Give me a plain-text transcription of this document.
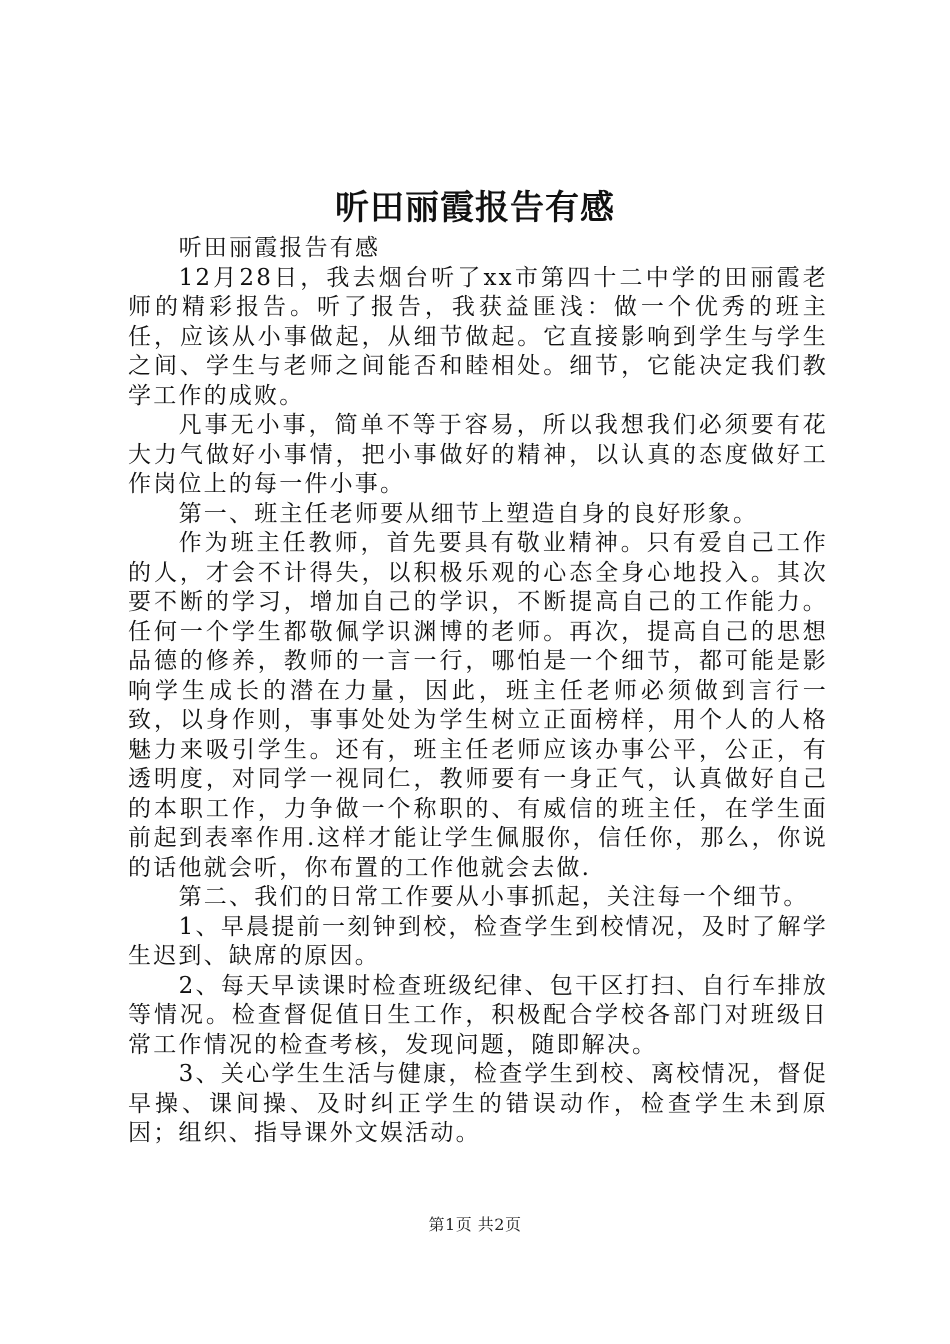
听田丽霞报告有感

听田丽霞报告有感

12月28日，我去烟台听了xx市第四十二中学的田丽霞老师的精彩报告。听了报告，我获益匪浅：做一个优秀的班主任，应该从小事做起，从细节做起。它直接影响到学生与学生之间、学生与老师之间能否和睦相处。细节，它能决定我们教学工作的成败。

凡事无小事，简单不等于容易，所以我想我们必须要有花大力气做好小事情，把小事做好的精神，以认真的态度做好工作岗位上的每一件小事。

第一、班主任老师要从细节上塑造自身的良好形象。

作为班主任教师，首先要具有敬业精神。只有爱自己工作的人，才会不计得失，以积极乐观的心态全身心地投入。其次要不断的学习，增加自己的学识，不断提高自己的工作能力。任何一个学生都敬佩学识渊博的老师。再次，提高自己的思想品德的修养，教师的一言一行，哪怕是一个细节，都可能是影响学生成长的潜在力量，因此，班主任老师必须做到言行一致，以身作则，事事处处为学生树立正面榜样，用个人的人格魅力来吸引学生。还有，班主任老师应该办事公平，公正，有透明度，对同学一视同仁，教师要有一身正气，认真做好自己的本职工作，力争做一个称职的、有威信的班主任，在学生面前起到表率作用.这样才能让学生佩服你，信任你，那么，你说的话他就会听，你布置的工作他就会去做.

第二、我们的日常工作要从小事抓起，关注每一个细节。

1、早晨提前一刻钟到校，检查学生到校情况，及时了解学生迟到、缺席的原因。

2、每天早读课时检查班级纪律、包干区打扫、自行车排放等情况。检查督促值日生工作，积极配合学校各部门对班级日常工作情况的检查考核，发现问题，随即解决。

3、关心学生生活与健康，检查学生到校、离校情况，督促早操、课间操、及时纠正学生的错误动作，检查学生未到原因；组织、指导课外文娱活动。

第1页 共2页
